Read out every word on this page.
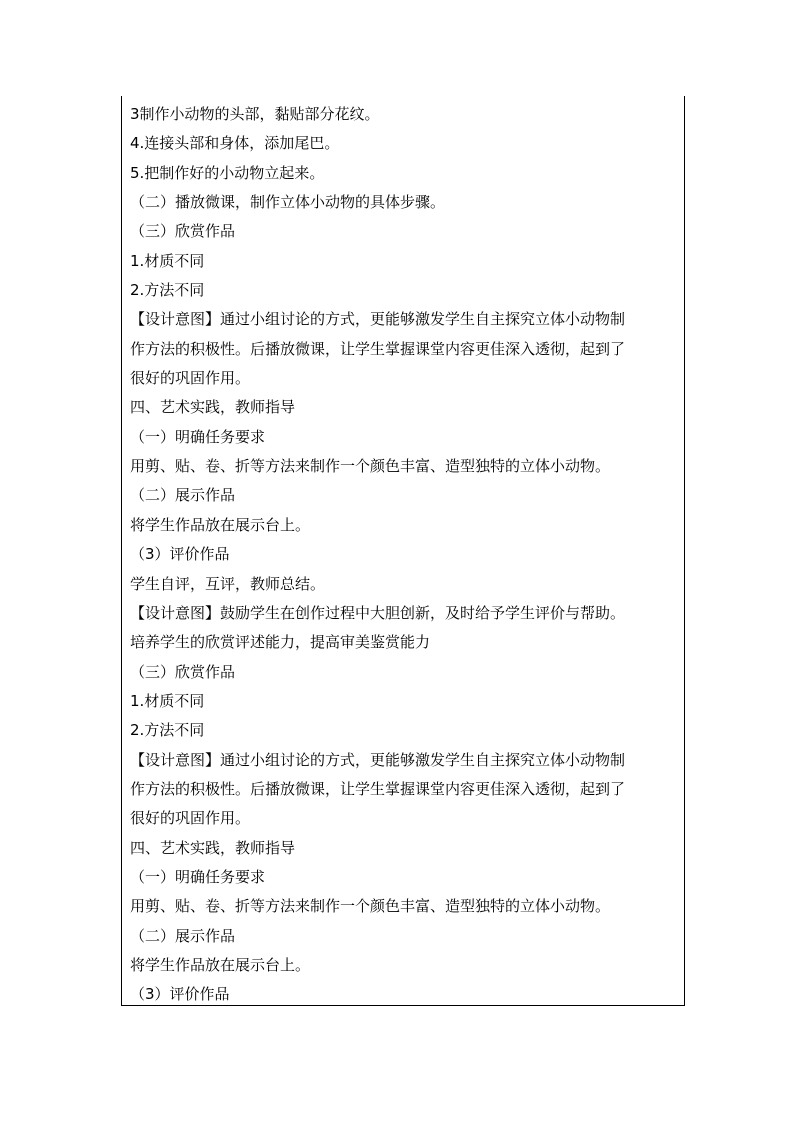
3制作小动物的头部，黏贴部分花纹。
4.连接头部和身体，添加尾巴。
5.把制作好的小动物立起来。
（二）播放微课，制作立体小动物的具体步骤。
（三）欣赏作品
1.材质不同
2.方法不同
【设计意图】通过小组讨论的方式，更能够激发学生自主探究立体小动物制
作方法的积极性。后播放微课，让学生掌握课堂内容更佳深入透彻，起到了
很好的巩固作用。
四、艺术实践，教师指导
（一）明确任务要求
用剪、贴、卷、折等方法来制作一个颜色丰富、造型独特的立体小动物。
（二）展示作品
将学生作品放在展示台上。
（3）评价作品
学生自评，互评，教师总结。
【设计意图】鼓励学生在创作过程中大胆创新，及时给予学生评价与帮助。
培养学生的欣赏评述能力，提高审美鉴赏能力
（三）欣赏作品
1.材质不同
2.方法不同
【设计意图】通过小组讨论的方式，更能够激发学生自主探究立体小动物制
作方法的积极性。后播放微课，让学生掌握课堂内容更佳深入透彻，起到了
很好的巩固作用。
四、艺术实践，教师指导
（一）明确任务要求
用剪、贴、卷、折等方法来制作一个颜色丰富、造型独特的立体小动物。
（二）展示作品
将学生作品放在展示台上。
（3）评价作品
